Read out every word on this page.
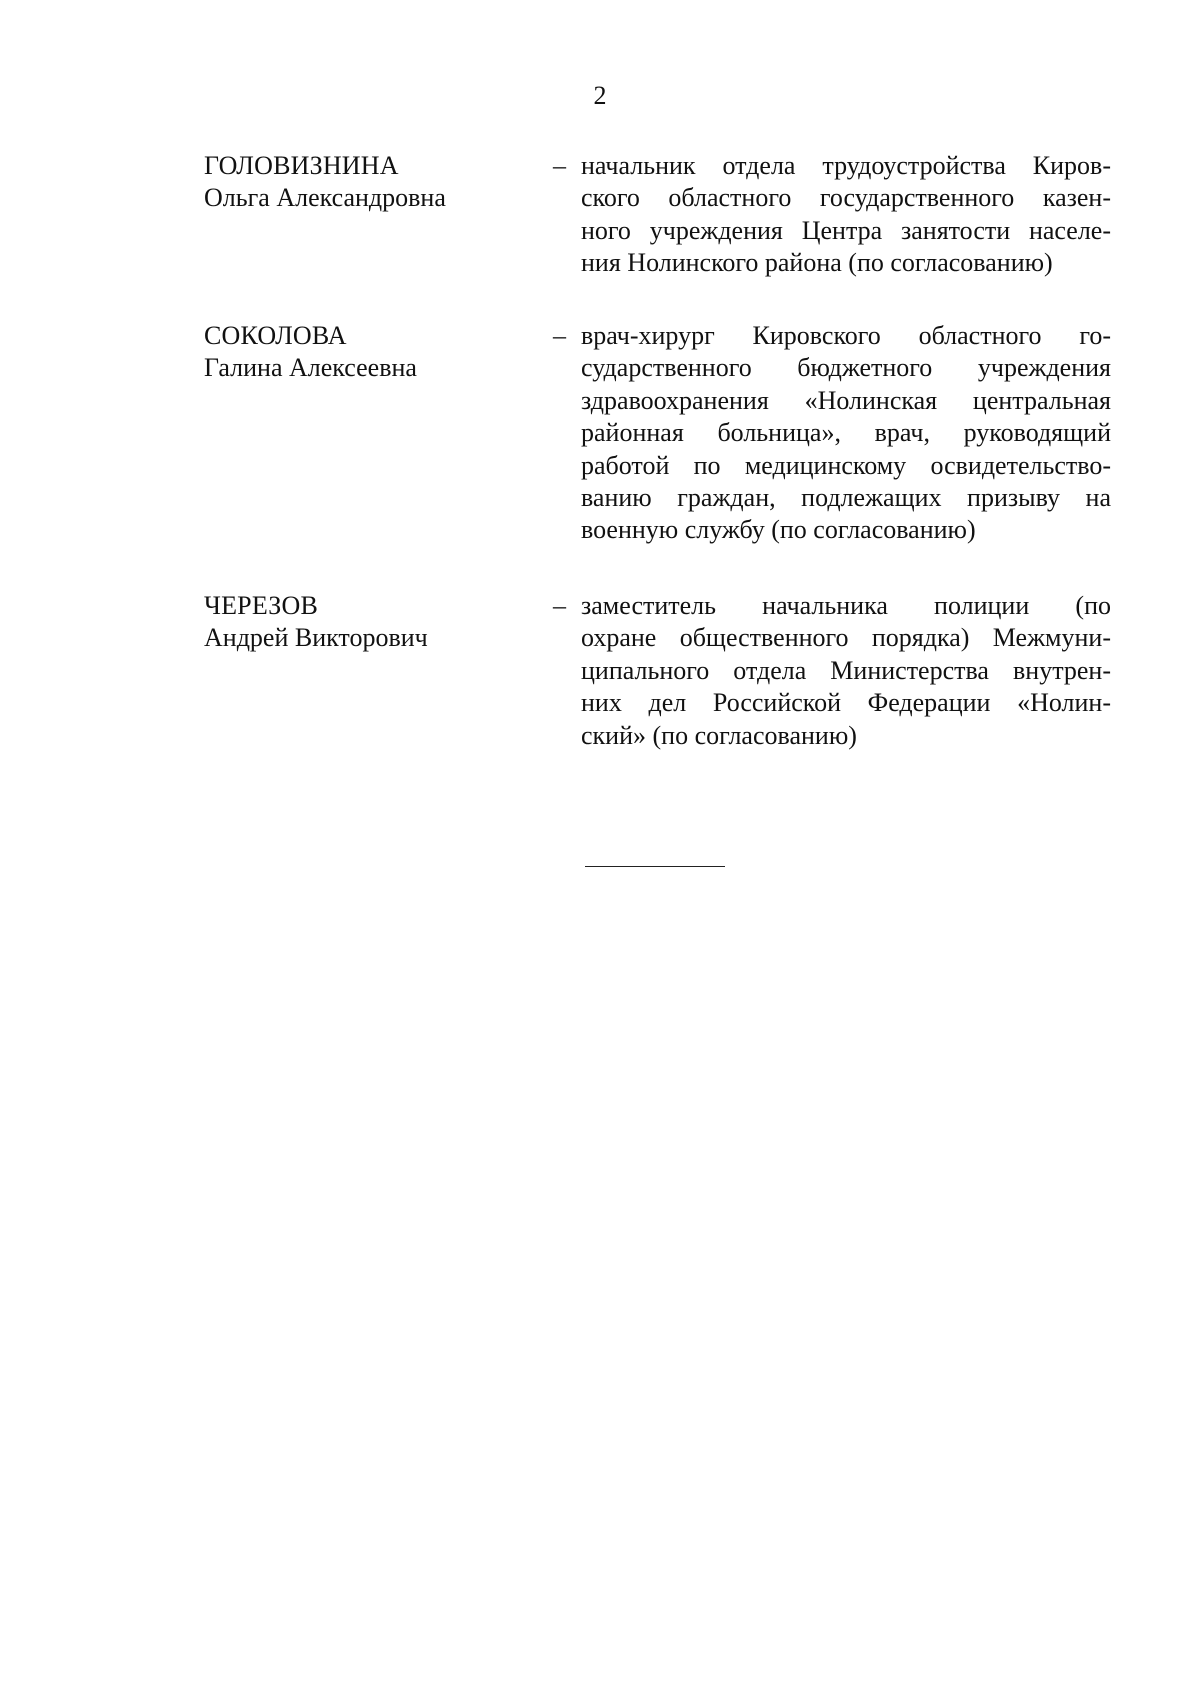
2
ГОЛОВИЗНИНА
Ольга Александровна
– начальник отдела трудоустройства Киров-
ского областного государственного казен-
ного учреждения Центра занятости населе-
ния Нолинского района (по согласованию)
СОКОЛОВА
Галина Алексеевна
– врач-хирург Кировского областного го-
сударственного бюджетного учреждения
здравоохранения «Нолинская центральная
районная больница», врач, руководящий
работой по медицинскому освидетельство-
ванию граждан, подлежащих призыву на
военную службу (по согласованию)
ЧЕРЕЗОВ
Андрей Викторович
– заместитель начальника полиции (по
охране общественного порядка) Межмуни-
ципального отдела Министерства внутрен-
них дел Российской Федерации «Нолин-
ский» (по согласованию)
